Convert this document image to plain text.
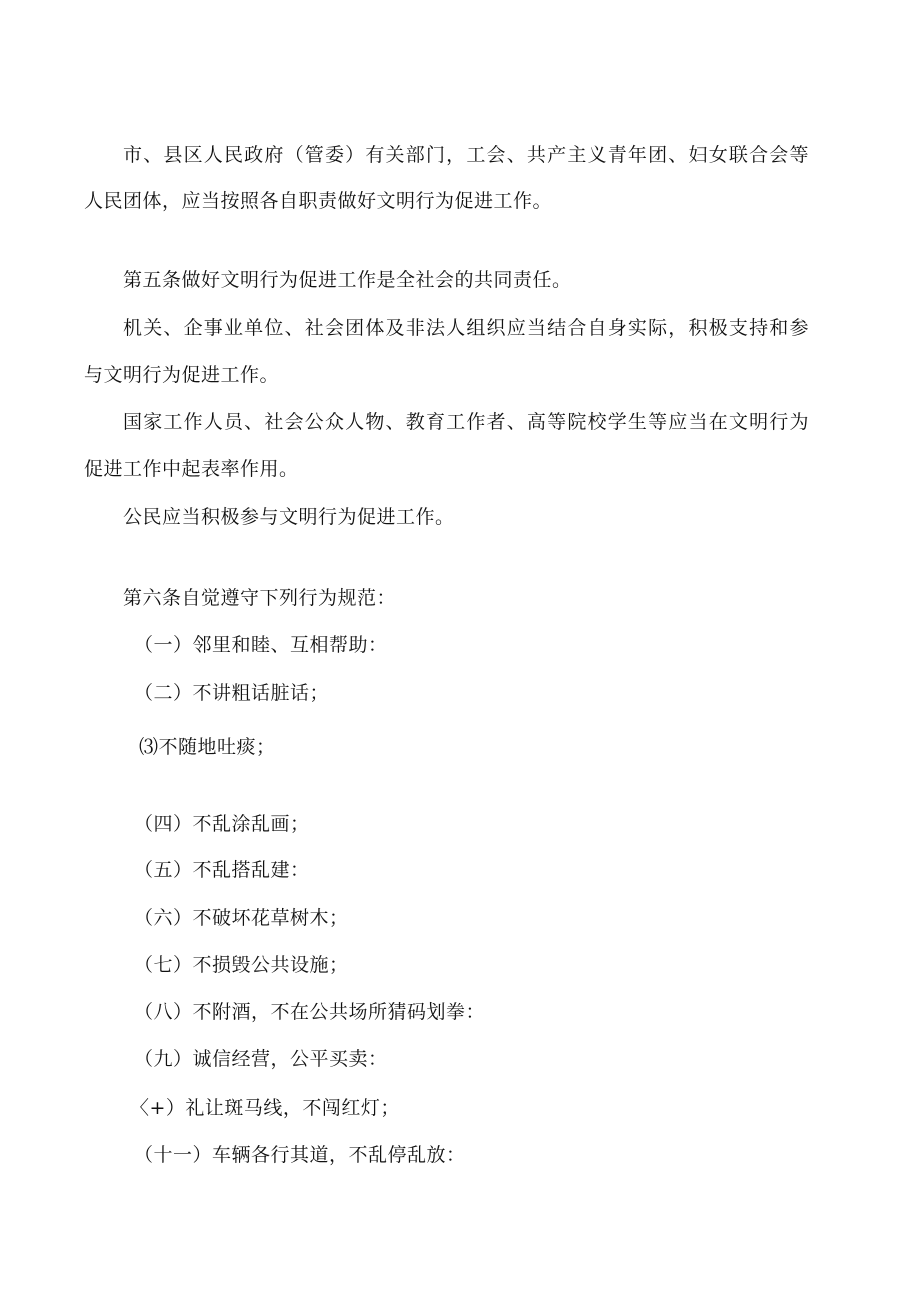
市、县区人民政府（管委）有关部门，工会、共产主义青年团、妇女联合会等
人民团体，应当按照各自职责做好文明行为促进工作。
第五条做好文明行为促进工作是全社会的共同责任。
机关、企事业单位、社会团体及非法人组织应当结合自身实际，积极支持和参
与文明行为促进工作。
国家工作人员、社会公众人物、教育工作者、高等院校学生等应当在文明行为
促进工作中起表率作用。
公民应当积极参与文明行为促进工作。
第六条自觉遵守下列行为规范：
（一）邻里和睦、互相帮助：
（二）不讲粗话脏话；
⑶不随地吐痰；
（四）不乱涂乱画；
（五）不乱搭乱建：
（六）不破坏花草树木；
（七）不损毁公共设施；
（八）不附酒，不在公共场所猜码划拳：
（九）诚信经营，公平买卖：
〈+）礼让斑马线，不闯红灯；
（十一）车辆各行其道，不乱停乱放：
